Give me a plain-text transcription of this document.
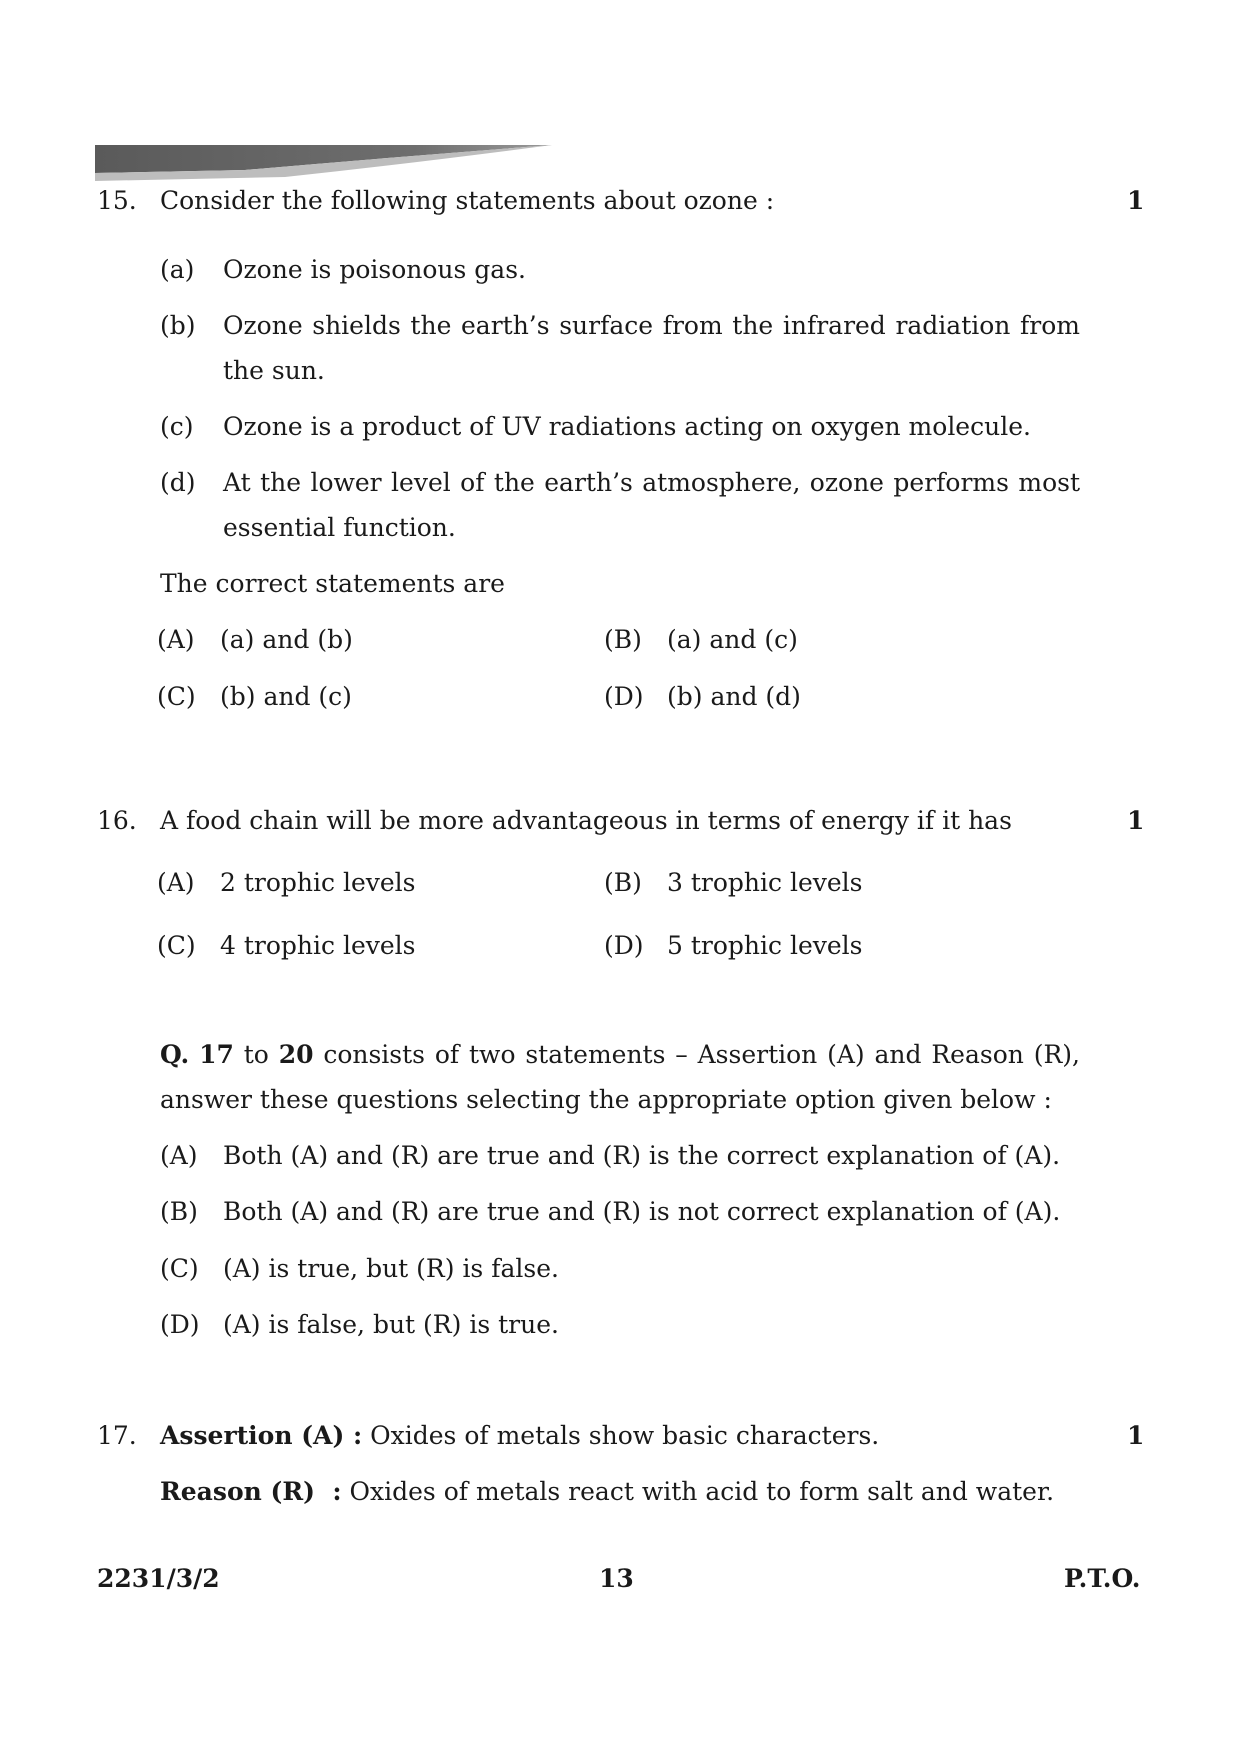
15. Consider the following statements about ozone :	1
(a) Ozone is poisonous gas.
(b) Ozone shields the earth’s surface from the infrared radiation from
the sun.
(c) Ozone is a product of UV radiations acting on oxygen molecule.
(d) At the lower level of the earth’s atmosphere, ozone performs most
essential function.
The correct statements are
(A) (a) and (b)	(B) (a) and (c)
(C) (b) and (c)	(D) (b) and (d)
16. A food chain will be more advantageous in terms of energy if it has	1
(A) 2 trophic levels	(B) 3 trophic levels
(C) 4 trophic levels	(D) 5 trophic levels
Q. 17 to 20 consists of two statements – Assertion (A) and Reason (R),
answer these questions selecting the appropriate option given below :
(A) Both (A) and (R) are true and (R) is the correct explanation of (A).
(B) Both (A) and (R) are true and (R) is not correct explanation of (A).
(C) (A) is true, but (R) is false.
(D) (A) is false, but (R) is true.
17. Assertion (A) : Oxides of metals show basic characters.	1
Reason (R)  : Oxides of metals react with acid to form salt and water.
2231/3/2	13	P.T.O.
